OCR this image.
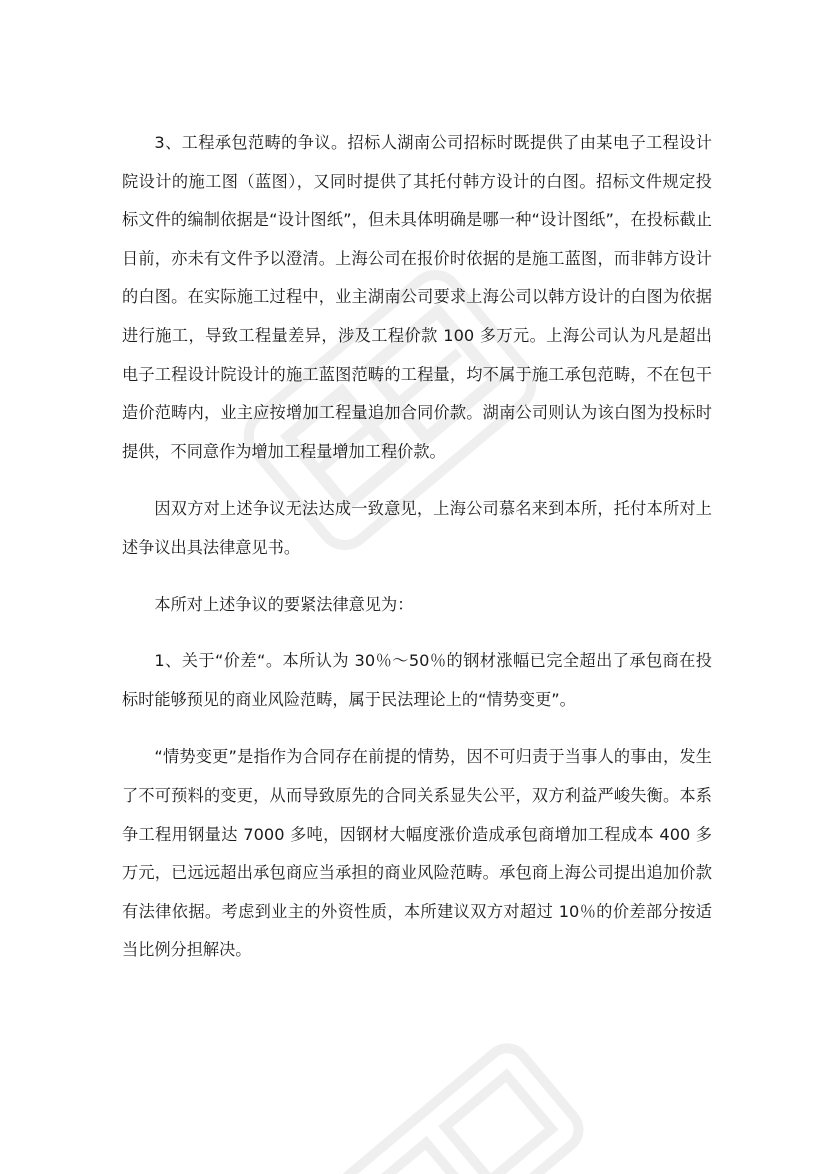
3、工程承包范畴的争议。招标人湖南公司招标时既提供了由某电子工程设计院设计的施工图（蓝图），又同时提供了其托付韩方设计的白图。招标文件规定投标文件的编制依据是“设计图纸”，但未具体明确是哪一种“设计图纸”，在投标截止日前，亦未有文件予以澄清。上海公司在报价时依据的是施工蓝图，而非韩方设计的白图。在实际施工过程中，业主湖南公司要求上海公司以韩方设计的白图为依据进行施工，导致工程量差异，涉及工程价款 100 多万元。上海公司认为凡是超出电子工程设计院设计的施工蓝图范畴的工程量，均不属于施工承包范畴，不在包干造价范畴内，业主应按增加工程量追加合同价款。湖南公司则认为该白图为投标时提供，不同意作为增加工程量增加工程价款。

因双方对上述争议无法达成一致意见，上海公司慕名来到本所，托付本所对上述争议出具法律意见书。

本所对上述争议的要紧法律意见为：

1、关于“价差“。本所认为 30％～50％的钢材涨幅已完全超出了承包商在投标时能够预见的商业风险范畴，属于民法理论上的“情势变更”。

“情势变更”是指作为合同存在前提的情势，因不可归责于当事人的事由，发生了不可预料的变更，从而导致原先的合同关系显失公平，双方利益严峻失衡。本系争工程用钢量达 7000 多吨，因钢材大幅度涨价造成承包商增加工程成本 400 多万元，已远远超出承包商应当承担的商业风险范畴。承包商上海公司提出追加价款有法律依据。考虑到业主的外资性质，本所建议双方对超过 10％的价差部分按适当比例分担解决。
